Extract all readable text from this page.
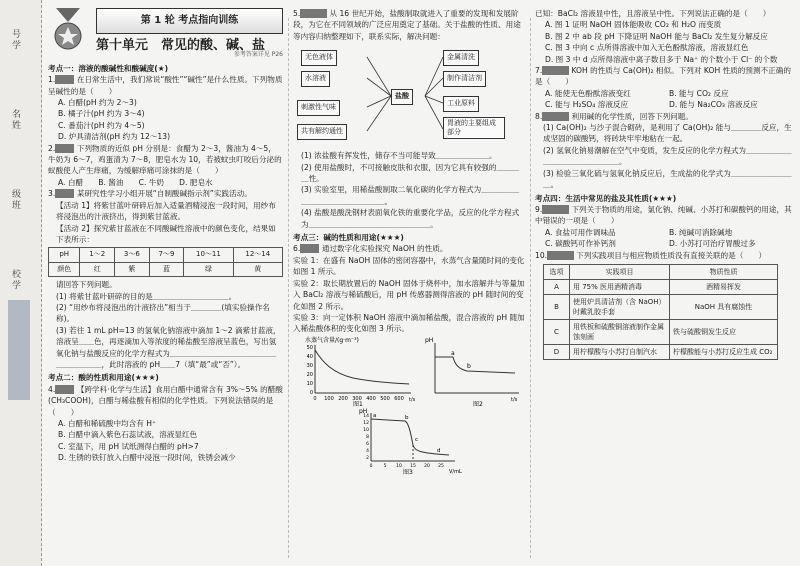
号学
名姓
级班
校学
第 1 轮 考点指向训练
第十单元　常见的酸、碱、盐
参考答案详见 P26
考点一：溶液的酸碱性和酸碱度(★)
1.　　	在日常生活中，我们常说“酸性”“碱性”是什么性质。下列物质呈碱性的是（　　）
A. 白醋(pH 约为 2～3)
B. 橘子汁(pH 约为 3～4)
C. 番茄汁(pH 约为 4～5)
D. 炉具清洁剂(pH 约为 12～13)
2.　　	下列物质的近似 pH 分别是：食醋为 2～3，酱油为 4～5，牛奶为 6～7，鸡蛋清为 7～8，肥皂水为 10，若被蚊虫叮咬后分泌的蚁酸使人产生痒痛，为缓解痒痛可涂抹的是（　　）
A. 白醋　　B. 酱油　　C. 牛奶　　D. 肥皂水
3.　　	某研究性学习小组开展“自制酸碱指示剂”实践活动。
【活动 1】将紫甘蓝叶研碎后加入适量酒精浸泡一段时间，用纱布将浸泡出的汁液挤出，得到紫甘蓝液。
【活动 2】探究紫甘蓝液在不同酸碱性溶液中的颜色变化，结果如下表所示：
pH	1～2	3～6	7～9	10～11	12～14
颜色	红	紫	蓝	绿	黄
请回答下列问题。
(1) 将紫甘蓝叶研碎的目的是＿＿＿＿＿＿＿＿＿＿。
(2) “用纱布将浸泡出的汁液挤出”相当于＿＿＿＿(填实验操作名称)。
(3) 若往 1 mL pH=13 的氢氧化钠溶液中滴加 1～2 滴紫甘蓝液，溶液呈＿＿色，再逐滴加入等浓度的稀盐酸至溶液呈蓝色，写出氢氧化钠与盐酸反应的化学方程式为＿＿＿＿＿＿＿＿＿＿＿＿＿＿＿＿＿＿＿＿，此时溶液的 pH＿＿7（填“最”或“否”）。
考点二：酸的性质和用途(★★★)
4.　　	【跨学科·化学与生活】食用白醋中通常含有 3%～5% 的醋酸(CH₃COOH)，白醋与稀盐酸有相似的化学性质。下列说法错误的是（　　）
A. 白醋和稀硫酸中均含有 H⁺
B. 白醋中滴入紫色石蕊试液，溶液显红色
C. 室温下，用 pH 试纸测得白醋的 pH>7
D. 生锈的铁钉放入白醋中浸泡一段时间，铁锈会减少
5.　　　	从 16 世纪开始，盐酸制取就进入了重要的发现和发展阶段，为它在不同领域的广泛应用奠定了基础。关于盐酸的性质、用途等内容归纳整理如下，联系实际，解决问题：
无色液体
水溶液
刺激性气味
共有解约通性
盐酸
金属清洗
制作清洁剂
工业原料
胃液的主要组成部分
(1) 浓盐酸有挥发性，储存不当可能导致＿＿＿＿＿＿＿。
(2) 使用盐酸时，不可接触皮肤和衣服，因为它具有较强的＿＿＿＿性。
(3) 实验室里，用稀盐酸制取二氧化碳的化学方程式为＿＿＿＿＿＿＿＿＿＿＿＿＿＿＿＿。
(4) 盐酸是酸洗钢材表面氧化铁的重要化学品，反应的化学方程式为＿＿＿＿＿＿＿＿＿＿＿＿＿＿＿＿。
考点三：碱的性质和用途(★★★)
6.　　	通过数字化实验探究 NaOH 的性质。
实验 1：在盛有 NaOH 固体的密闭容器中，水蒸气含量随时间的变化如图 1 所示。
实验 2：取长期放置后的 NaOH 固体于烧杯中，加水溶解并与等量加入 BaCl₂ 溶液与稀硫酸后，用 pH 传感器测得溶液的 pH 随时间的变化如图 2 所示。
实验 3：向一定体积 NaOH 溶液中滴加稀盐酸，混合溶液的 pH 随加入稀盐酸体积的变化如图 3 所示。
水蒸气含量/(g·m⁻³)
50
40
30
20
10
0
0 100 200 300 400 500 600 t/s
图1
pH
a
b
t/s
图2
pH
14
12
10
8
6
4
2
0 5 10 15 20 25
a	b
c
d
V/mL
图3
已知：BaCl₂ 溶液显中性，且溶液呈中性。下列说法正确的是（　　）
A. 图 1 证明 NaOH 固体能吸收 CO₂ 和 H₂O 而变质
B. 图 2 中 ab 段 pH 下降证明 NaOH 能与 BaCl₂ 发生复分解反应
C. 图 3 中向 c 点所得溶液中加入无色酚酞溶液，溶液显红色
D. 图 3 中 d 点所得溶液中离子数目多于 Na⁺ 的个数小于 Cl⁻ 的个数
7.　　　	KOH 的性质与 Ca(OH)₂ 相似。下列对 KOH 性质的预测不正确的是（　　）
A. 能使无色酚酞溶液变红	B. 能与 CO₂ 反应
C. 能与 H₂SO₄ 溶液反应	D. 能与 Na₂CO₃ 溶液反应
8.　　　	利用碱的化学性质，回答下列问题。
(1) Ca(OH)₂ 与沙子混合砌砖，是利用了 Ca(OH)₂ 能与＿＿＿＿反应，生成坚固的碳酸钙，将砖块牢牢地粘在一起。
(2) 氢氧化钠易潮解在空气中变质，发生反应的化学方程式为＿＿＿＿＿＿＿＿＿＿＿＿＿＿＿＿。
(3) 检验三氧化硫与氢氧化钠反应后，生成盐的化学式为＿＿＿＿＿＿＿＿＿。
考点四：生活中常见的盐及其性质(★★★)
9.　　　	下列关于物质的用途，氯化钠、纯碱、小苏打和碳酸钙的用途，其中错误的一项是（　　）
A. 食盐可用作调味品	B. 纯碱可消除碱地
C. 碳酸钙可作补钙剂	D. 小苏打可治疗胃酸过多
10.　　　	下列实践项目与相应物质性质没有直接关联的是（　　）
选项	实践项目	物质性质
A	用 75% 医用酒精消毒	酒精易挥发
B	使用炉具清洁剂（含 NaOH）时戴乳胶手套	NaOH 具有腐蚀性
C	用铁板和硫酸铜溶液制作金属蚀刻画	铁与硫酸铜发生反应
D	用柠檬酸与小苏打自制汽水	柠檬酸能与小苏打反应生成 CO₂
